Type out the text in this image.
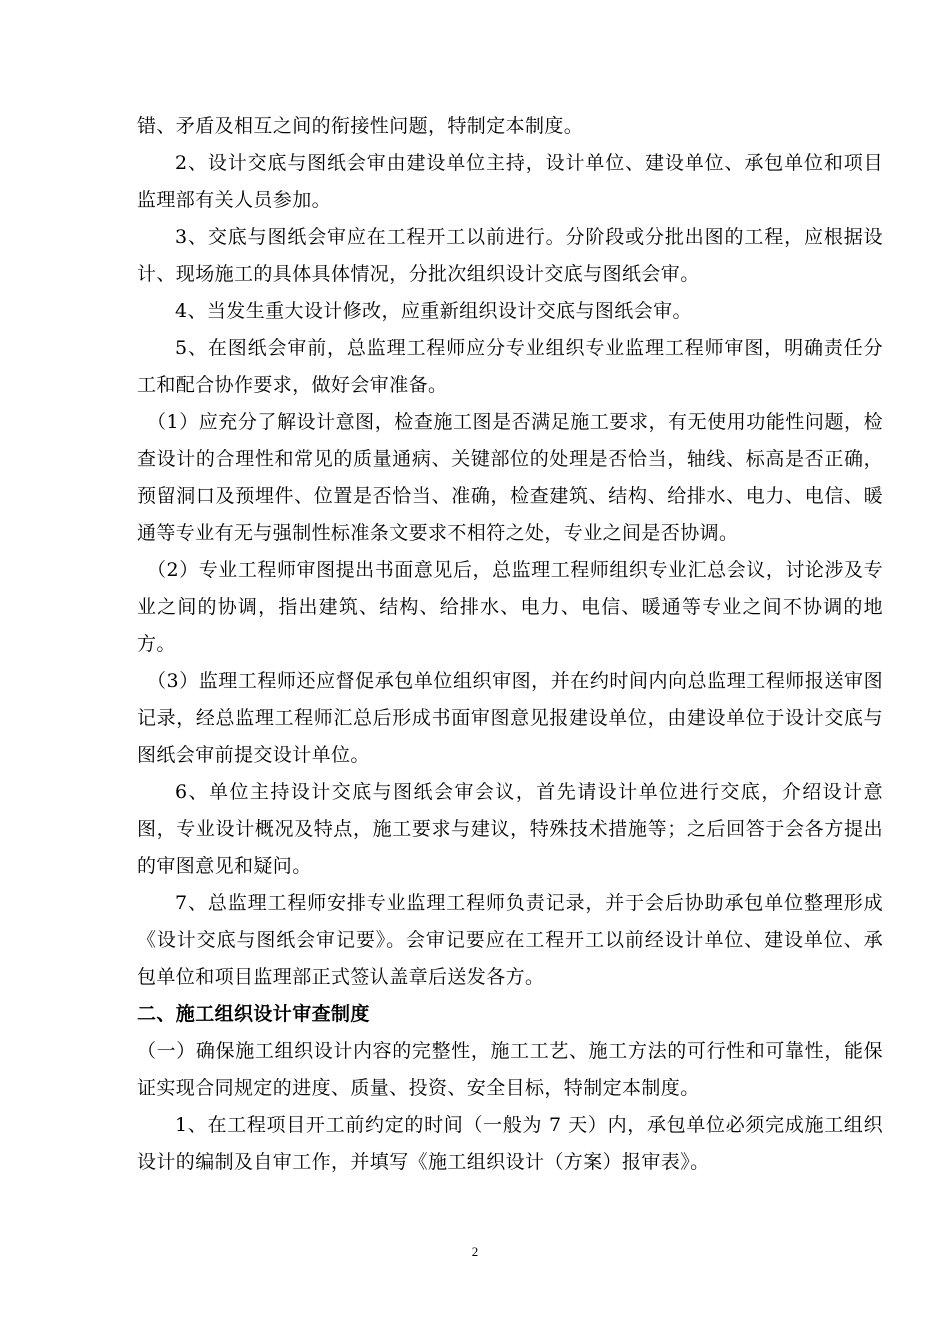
错、矛盾及相互之间的衔接性问题，特制定本制度。

2、设计交底与图纸会审由建设单位主持，设计单位、建设单位、承包单位和项目监理部有关人员参加。

3、交底与图纸会审应在工程开工以前进行。分阶段或分批出图的工程，应根据设计、现场施工的具体具体情况，分批次组织设计交底与图纸会审。

4、当发生重大设计修改，应重新组织设计交底与图纸会审。

5、在图纸会审前，总监理工程师应分专业组织专业监理工程师审图，明确责任分工和配合协作要求，做好会审准备。

（1）应充分了解设计意图，检查施工图是否满足施工要求，有无使用功能性问题，检查设计的合理性和常见的质量通病、关键部位的处理是否恰当，轴线、标高是否正确，预留洞口及预埋件、位置是否恰当、准确，检查建筑、结构、给排水、电力、电信、暖通等专业有无与强制性标准条文要求不相符之处，专业之间是否协调。

（2）专业工程师审图提出书面意见后，总监理工程师组织专业汇总会议，讨论涉及专业之间的协调，指出建筑、结构、给排水、电力、电信、暖通等专业之间不协调的地方。

（3）监理工程师还应督促承包单位组织审图，并在约时间内向总监理工程师报送审图记录，经总监理工程师汇总后形成书面审图意见报建设单位，由建设单位于设计交底与图纸会审前提交设计单位。

6、单位主持设计交底与图纸会审会议，首先请设计单位进行交底，介绍设计意图，专业设计概况及特点，施工要求与建议，特殊技术措施等；之后回答于会各方提出的审图意见和疑问。

7、总监理工程师安排专业监理工程师负责记录，并于会后协助承包单位整理形成《设计交底与图纸会审记要》。会审记要应在工程开工以前经设计单位、建设单位、承包单位和项目监理部正式签认盖章后送发各方。

二、施工组织设计审查制度

（一）确保施工组织设计内容的完整性，施工工艺、施工方法的可行性和可靠性，能保证实现合同规定的进度、质量、投资、安全目标，特制定本制度。

1、在工程项目开工前约定的时间（一般为 7 天）内，承包单位必须完成施工组织设计的编制及自审工作，并填写《施工组织设计（方案）报审表》。

2
